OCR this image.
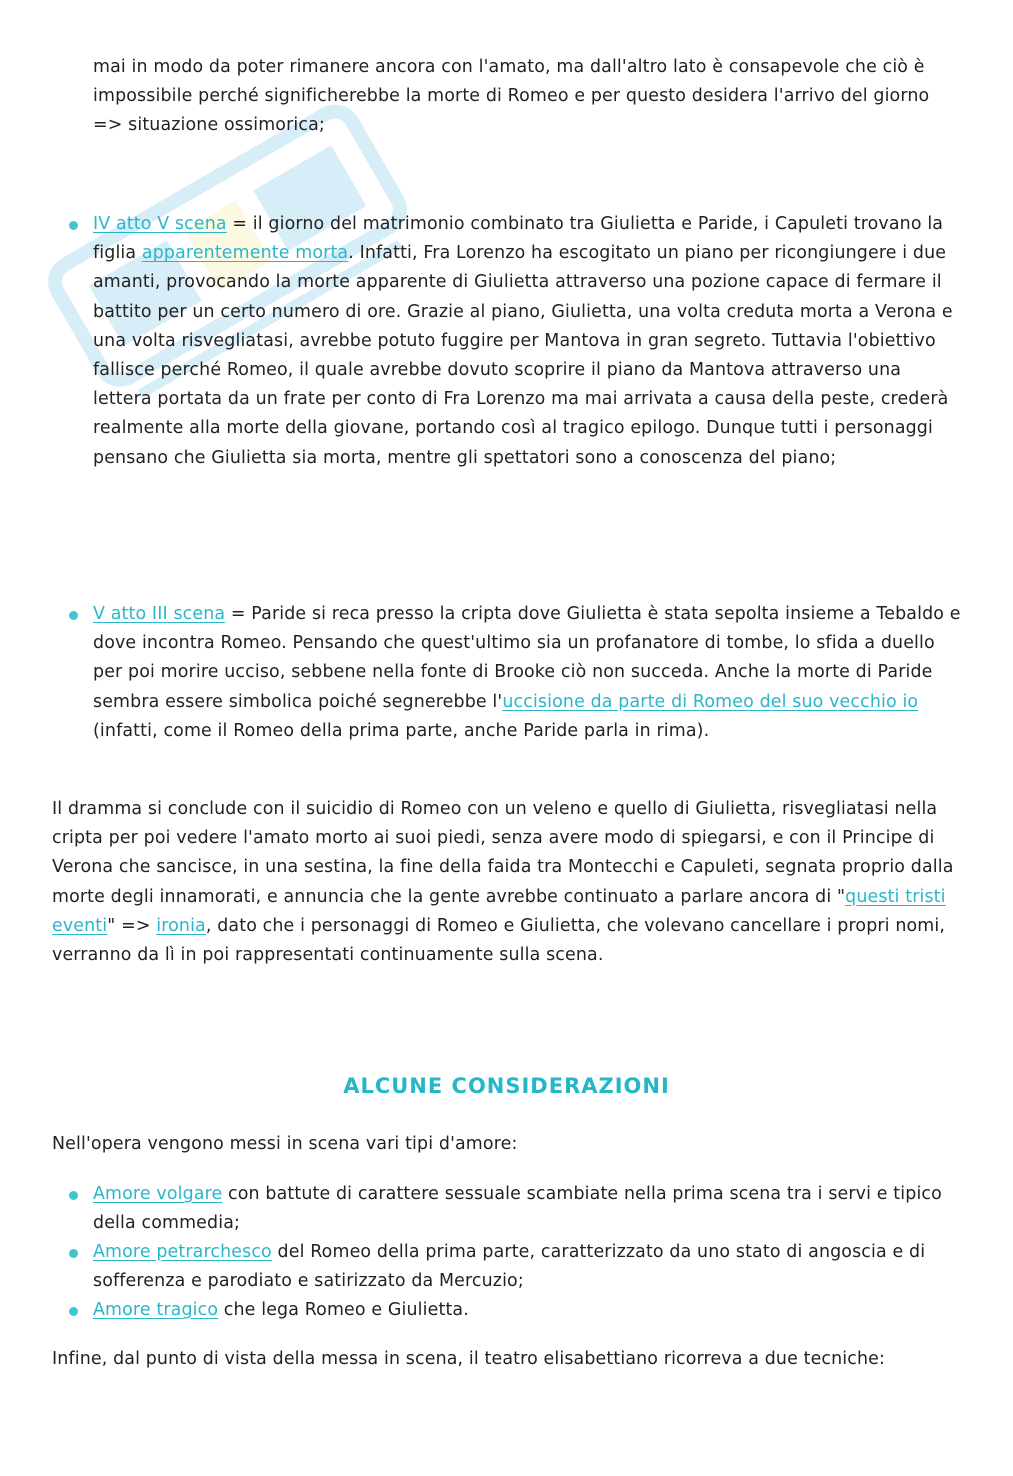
mai in modo da poter rimanere ancora con l'amato, ma dall'altro lato è consapevole che ciò è impossibile perché significherebbe la morte di Romeo e per questo desidera l'arrivo del giorno => situazione ossimorica;
IV atto V scena = il giorno del matrimonio combinato tra Giulietta e Paride, i Capuleti trovano la figlia apparentemente morta. Infatti, Fra Lorenzo ha escogitato un piano per ricongiungere i due amanti, provocando la morte apparente di Giulietta attraverso una pozione capace di fermare il battito per un certo numero di ore. Grazie al piano, Giulietta, una volta creduta morta a Verona e una volta risvegliatasi, avrebbe potuto fuggire per Mantova in gran segreto. Tuttavia l'obiettivo fallisce perché Romeo, il quale avrebbe dovuto scoprire il piano da Mantova attraverso una lettera portata da un frate per conto di Fra Lorenzo ma mai arrivata a causa della peste, crederà realmente alla morte della giovane, portando così al tragico epilogo. Dunque tutti i personaggi pensano che Giulietta sia morta, mentre gli spettatori sono a conoscenza del piano;
V atto III scena = Paride si reca presso la cripta dove Giulietta è stata sepolta insieme a Tebaldo e dove incontra Romeo. Pensando che quest'ultimo sia un profanatore di tombe, lo sfida a duello per poi morire ucciso, sebbene nella fonte di Brooke ciò non succeda. Anche la morte di Paride sembra essere simbolica poiché segnerebbe l'uccisione da parte di Romeo del suo vecchio io (infatti, come il Romeo della prima parte, anche Paride parla in rima).
Il dramma si conclude con il suicidio di Romeo con un veleno e quello di Giulietta, risvegliatasi nella cripta per poi vedere l'amato morto ai suoi piedi, senza avere modo di spiegarsi, e con il Principe di Verona che sancisce, in una sestina, la fine della faida tra Montecchi e Capuleti, segnata proprio dalla morte degli innamorati, e annuncia che la gente avrebbe continuato a parlare ancora di "questi tristi eventi" => ironia, dato che i personaggi di Romeo e Giulietta, che volevano cancellare i propri nomi, verranno da lì in poi rappresentati continuamente sulla scena.
ALCUNE CONSIDERAZIONI
Nell'opera vengono messi in scena vari tipi d'amore:
Amore volgare con battute di carattere sessuale scambiate nella prima scena tra i servi e tipico della commedia;
Amore petrarchesco del Romeo della prima parte, caratterizzato da uno stato di angoscia e di sofferenza e parodiato e satirizzato da Mercuzio;
Amore tragico che lega Romeo e Giulietta.
Infine, dal punto di vista della messa in scena, il teatro elisabettiano ricorreva a due tecniche:
